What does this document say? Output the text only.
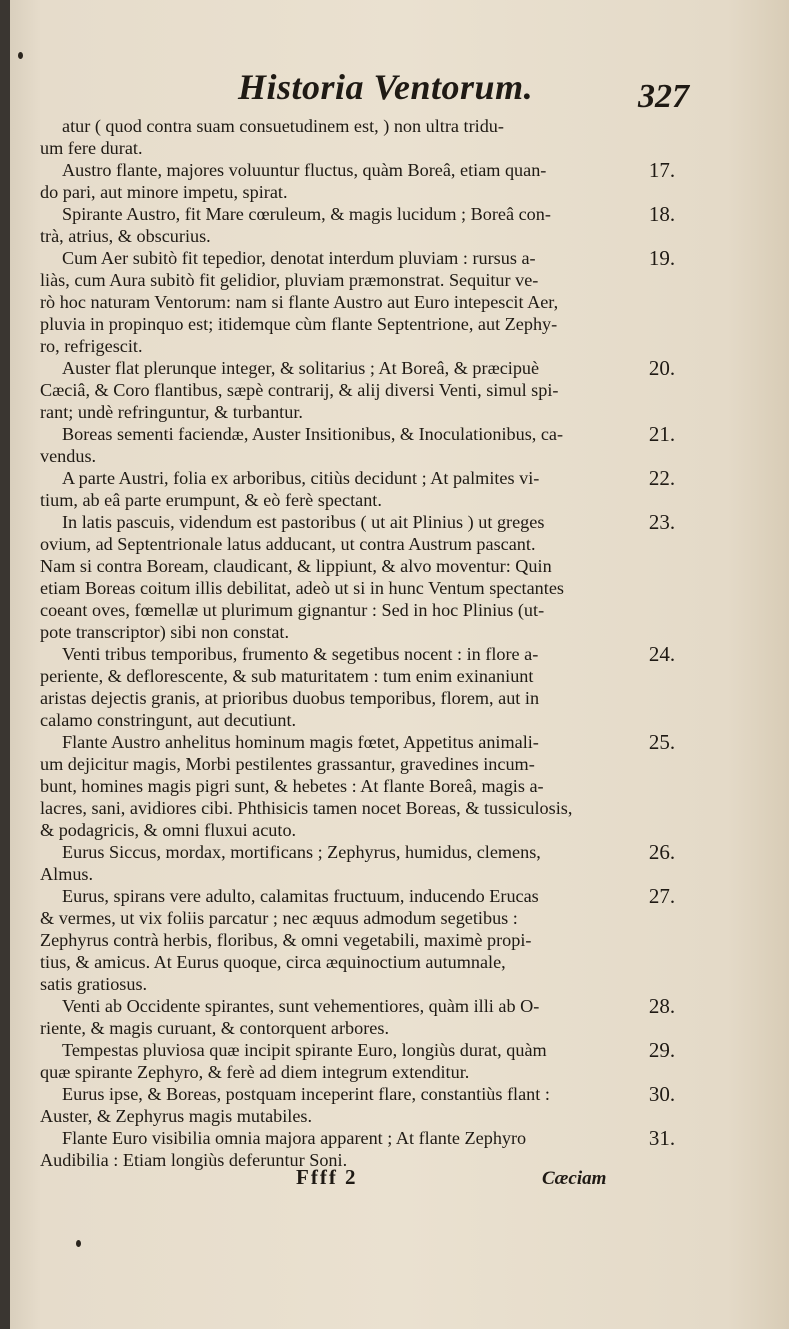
Historia Ventorum.	327
atur ( quod contra suam consuetudinem est, ) non ultra tridu-
um fere durat.
17.
Austro flante, majores voluuntur fluctus, quàm Boreâ, etiam quan-
do pari, aut minore impetu, spirat.
18.
Spirante Austro, fit Mare cœruleum, & magis lucidum ; Boreâ con-
trà, atrius, & obscurius.
19.
Cum Aer subitò fit tepedior, denotat interdum pluviam : rursus a-
liàs, cum Aura subitò fit gelidior, pluviam præmonstrat. Sequitur ve-
rò hoc naturam Ventorum: nam si flante Austro aut Euro intepescit Aer,
pluvia in propinquo est; itidemque cùm flante Septentrione, aut Zephy-
ro, refrigescit.
20.
Auster flat plerunque integer, & solitarius ; At Boreâ, & præcipuè
Cæciâ, & Coro flantibus, sæpè contrarij, & alij diversi Venti, simul spi-
rant; undè refringuntur, & turbantur.
21.
Boreas sementi faciendæ, Auster Insitionibus, & Inoculationibus, ca-
vendus.
22.
A parte Austri, folia ex arboribus, citiùs decidunt ; At palmites vi-
tium, ab eâ parte erumpunt, & eò ferè spectant.
23.
In latis pascuis, videndum est pastoribus ( ut ait Plinius ) ut greges
ovium, ad Septentrionale latus adducant, ut contra Austrum pascant.
Nam si contra Boream, claudicant, & lippiunt, & alvo moventur: Quin
etiam Boreas coitum illis debilitat, adeò ut si in hunc Ventum spectantes
coeant oves, fœmellæ ut plurimum gignantur : Sed in hoc Plinius (ut-
pote transcriptor) sibi non constat.
24.
Venti tribus temporibus, frumento & segetibus nocent : in flore a-
periente, & deflorescente, & sub maturitatem : tum enim exinaniunt
aristas dejectis granis, at prioribus duobus temporibus, florem, aut in
calamo constringunt, aut decutiunt.
25.
Flante Austro anhelitus hominum magis fœtet, Appetitus animali-
um dejicitur magis, Morbi pestilentes grassantur, gravedines incum-
bunt, homines magis pigri sunt, & hebetes : At flante Boreâ, magis a-
lacres, sani, avidiores cibi. Phthisicis tamen nocet Boreas, & tussiculosis,
& podagricis, & omni fluxui acuto.
26.
Eurus Siccus, mordax, mortificans ; Zephyrus, humidus, clemens,
Almus.
27.
Eurus, spirans vere adulto, calamitas fructuum, inducendo Erucas
& vermes, ut vix foliis parcatur ; nec æquus admodum segetibus :
Zephyrus contrà herbis, floribus, & omni vegetabili, maximè propi-
tius, & amicus. At Eurus quoque, circa æquinoctium autumnale,
satis gratiosus.
28.
Venti ab Occidente spirantes, sunt vehementiores, quàm illi ab O-
riente, & magis curuant, & contorquent arbores.
29.
Tempestas pluviosa quæ incipit spirante Euro, longiùs durat, quàm
quæ spirante Zephyro, & ferè ad diem integrum extenditur.
30.
Eurus ipse, & Boreas, postquam inceperint flare, constantiùs flant :
Auster, & Zephyrus magis mutabiles.
31.
Flante Euro visibilia omnia majora apparent ; At flante Zephyro
Audibilia : Etiam longiùs deferuntur Soni.
Ffff 2	Cæciam
